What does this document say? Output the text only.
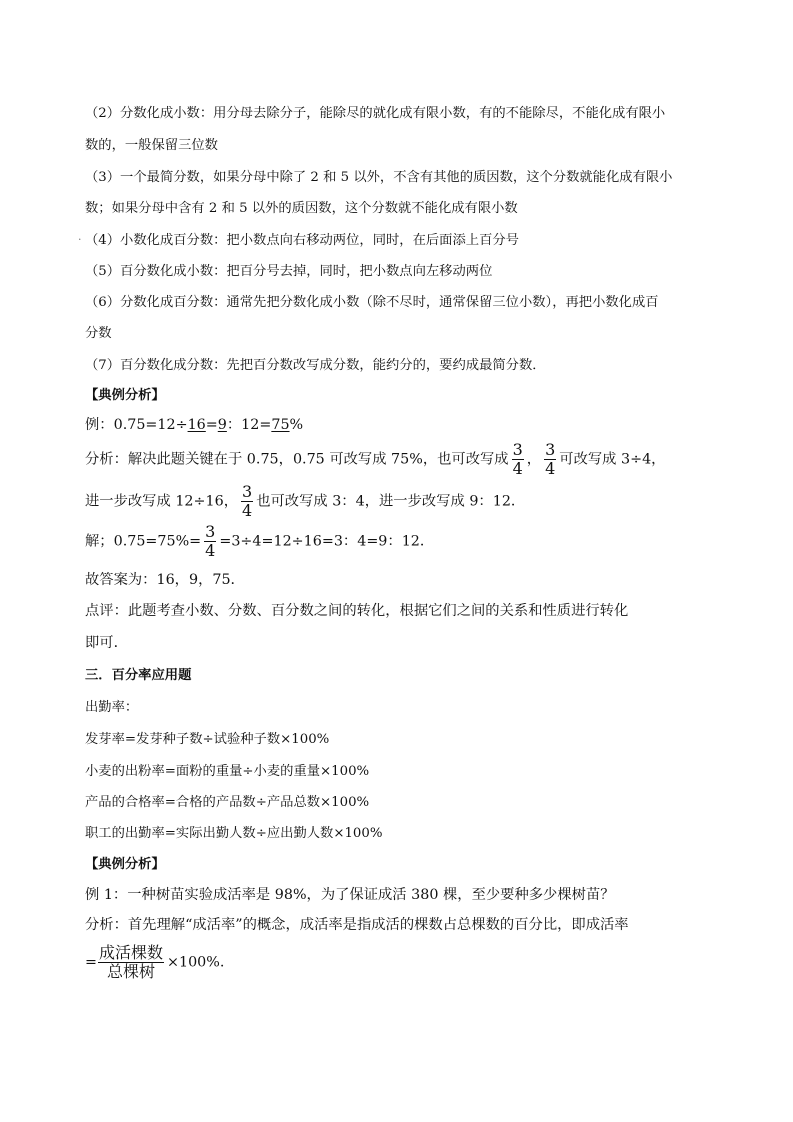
（2）分数化成小数：用分母去除分子，能除尽的就化成有限小数，有的不能除尽，不能化成有限小
数的，一般保留三位数
（3）一个最简分数，如果分母中除了 2 和 5 以外，不含有其他的质因数，这个分数就能化成有限小
数；如果分母中含有 2 和 5 以外的质因数，这个分数就不能化成有限小数
· （4）小数化成百分数：把小数点向右移动两位，同时，在后面添上百分号
（5）百分数化成小数：把百分号去掉，同时，把小数点向左移动两位
（6）分数化成百分数：通常先把分数化成小数（除不尽时，通常保留三位小数），再把小数化成百
分数
（7）百分数化成分数：先把百分数改写成分数，能约分的，要约成最简分数．
【典例分析】
例：0.75=12÷16=9：12=75%
分析：解决此题关键在于 0.75，0.75 可改写成 75%，也可改写成 $\frac{3}{4}$ ， $\frac{3}{4}$ 可改写成 3÷4，
进一步改写成 12÷16， $\frac{3}{4}$ 也可改写成 3：4，进一步改写成 9：12．
解；$0.75=75\%= \frac{3}{4} =3\div 4=12\div 16=3$：4=9：12．
故答案为：16，9，75．
点评：此题考查小数、分数、百分数之间的转化，根据它们之间的关系和性质进行转化
即可．
三．百分率应用题
出勤率：
发芽率=发芽种子数÷试验种子数×100%
小麦的出粉率=面粉的重量÷小麦的重量×100%
产品的合格率=合格的产品数÷产品总数×100%
职工的出勤率=实际出勤人数÷应出勤人数×100%
【典例分析】
例 1：一种树苗实验成活率是 98%，为了保证成活 380 棵，至少要种多少棵树苗？
分析：首先理解“成活率”的概念，成活率是指成活的棵数占总棵数的百分比，即成活率
= $\frac{\text{成活棵数}}{\text{总棵树}} \times 100\%$.
